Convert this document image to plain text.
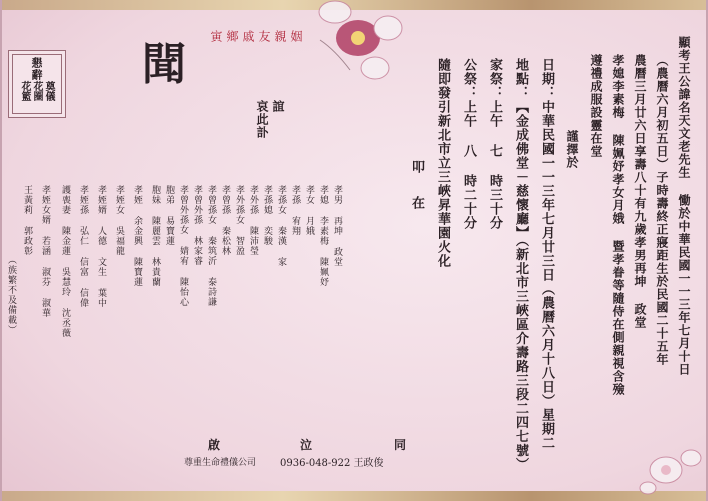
懇辭
奠儀
花圈
花籃
聞
姻
親
友
戚
鄉
寅
誼
哀此訃	顯考王公諱名天文老先生 慟於中華民國一一三年七月十日
（農曆六月初五日）子時壽終正寢距生於民國二十五年
農曆三月廿六日享壽八十有九歲孝男再坤 政堂
孝媳李素梅 陳姵妤孝女月娥 暨孝眷等隨侍在側親視含殮
遵禮成服設靈在堂
謹擇於
日期：中華民國一一三年七月廿三日（農曆六月十八日）星期二
地點：【金成佛堂－慈懷廳】（新北市三峽區介壽路三段二四七號）
家祭：上午 七 時三十分
公祭：上午 八 時二十分
隨即發引新北市立三峽昇華園火化
叩 在
孝男 再坤 政堂
孝媳 李素梅 陳姵妤
孝女 月娥
孝孫 宥翔
孝孫女 秦漢 家
孝孫媳 奕駿
孝外孫 陳沛瑩
孝外孫女 智盈
孝曾孫 秦松林
孝曾孫女 秦筑沂 泰詩謙
孝曾外孫 林家睿
孝曾外孫女 婧宥 陳怡心
胞弟 易寶蓮
胞妹 陳麗雲 林貴蘭
孝姪 余金興 陳寶蓮
孝姪女 吳福龍
孝姪婿 人德 文生 葉中
孝姪孫 弘仁 信富 信偉
護喪妻 陳金蓮 吳慧玲 沈丞薇
孝姪女婿 若涵 淑芬 淑華
王黃莉 郭政彰
（族繁不及備載）
啟	泣	同
尊重生命禮儀公司 0936-048-922 王政俊
